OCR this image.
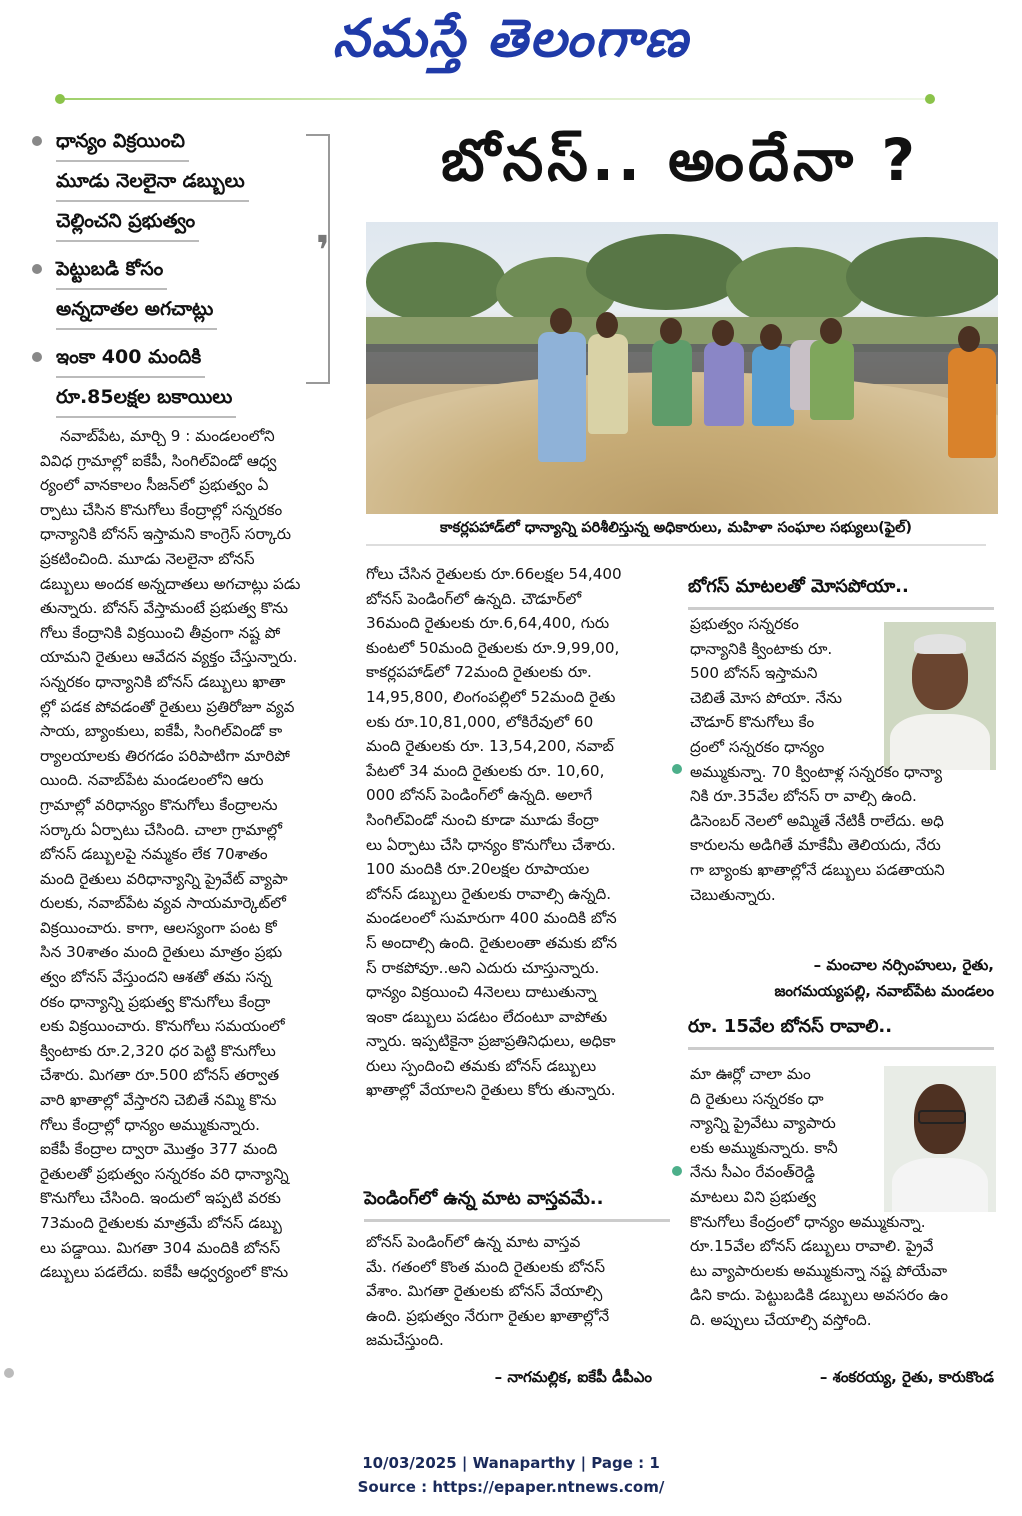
నమస్తే తెలంగాణ
ధాన్యం విక్రయించి
మూడు నెలలైనా డబ్బులు
చెల్లించని ప్రభుత్వం
పెట్టుబడి కోసం
అన్నదాతల అగచాట్లు
ఇంకా 400 మందికి
రూ.85లక్షల బకాయిలు
❜
బోనస్.. అందేనా ?
కాకర్లపహాడ్‌లో ధాన్యాన్ని పరిశీలిస్తున్న అధికారులు, మహిళా సంఘాల సభ్యులు(ఫైల్)
నవాబ్‌పేట, మార్చి 9 : మండలంలోని
వివిధ గ్రామాల్లో ఐకేపీ, సింగిల్‌విండో ఆధ్వ
ర్యంలో వానకాలం సీజన్‌లో ప్రభుత్వం ఏ
ర్పాటు చేసిన కొనుగోలు కేంద్రాల్లో సన్నరకం
ధాన్యానికి బోనస్ ఇస్తామని కాంగ్రెస్ సర్కారు
ప్రకటించింది. మూడు నెలలైనా బోనస్
డబ్బులు అందక అన్నదాతలు అగచాట్లు పడు
తున్నారు. బోనస్ వేస్తామంటే ప్రభుత్వ కొను
గోలు కేంద్రానికి విక్రయించి తీవ్రంగా నష్ట పో
యామని రైతులు ఆవేదన వ్యక్తం చేస్తున్నారు.
సన్నరకం ధాన్యానికి బోనస్ డబ్బులు ఖాతా
ల్లో పడక పోవడంతో రైతులు ప్రతిరోజూ వ్యవ
సాయ, బ్యాంకులు, ఐకేపీ, సింగిల్‌విండో కా
ర్యాలయాలకు తిరగడం పరిపాటిగా మారిపో
యింది. నవాబ్‌పేట మండలంలోని ఆరు
గ్రామాల్లో వరిధాన్యం కొనుగోలు కేంద్రాలను
సర్కారు ఏర్పాటు చేసింది. చాలా గ్రామాల్లో
బోనస్ డబ్బులపై నమ్మకం లేక 70శాతం
మంది రైతులు వరిధాన్యాన్ని ప్రైవేట్ వ్యాపా
రులకు, నవాబ్‌పేట వ్యవ సాయమార్కెట్‌లో
విక్రయించారు. కాగా, ఆలస్యంగా పంట కో
సిన 30శాతం మంది రైతులు మాత్రం ప్రభు
త్వం బోనస్ వేస్తుందని ఆశతో తమ సన్న
రకం ధాన్యాన్ని ప్రభుత్వ కొనుగోలు కేంద్రా
లకు విక్రయించారు. కొనుగోలు సమయంలో
క్వింటాకు రూ.2,320 ధర పెట్టి కొనుగోలు
చేశారు. మిగతా రూ.500 బోనస్ తర్వాత
వారి ఖాతాల్లో వేస్తారని చెబితే నమ్మి కొను
గోలు కేంద్రాల్లో ధాన్యం అమ్ముకున్నారు.
ఐకేపీ కేంద్రాల ద్వారా మొత్తం 377 మంది
రైతులతో ప్రభుత్వం సన్నరకం వరి ధాన్యాన్ని
కొనుగోలు చేసింది. ఇందులో ఇప్పటి వరకు
73మంది రైతులకు మాత్రమే బోనస్ డబ్బు
లు పడ్డాయి. మిగతా 304 మందికి బోనస్
డబ్బులు పడలేదు. ఐకేపీ ఆధ్వర్యంలో కొను
గోలు చేసిన రైతులకు రూ.66లక్షల 54,400
బోనస్ పెండింగ్‌లో ఉన్నది. చౌడూర్‌లో
36మంది రైతులకు రూ.6,64,400, గురు
కుంటలో 50మంది రైతులకు రూ.9,99,00,
కాకర్లపహాడ్‌లో 72మంది రైతులకు రూ.
14,95,800, లింగంపల్లిలో 52మంది రైతు
లకు రూ.10,81,000, లోకిరేవులో 60
మంది రైతులకు రూ. 13,54,200, నవాబ్
పేటలో 34 మంది రైతులకు రూ. 10,60,
000 బోనస్ పెండింగ్‌లో ఉన్నది. అలాగే
సింగిల్‌విండో నుంచి కూడా మూడు కేంద్రా
లు ఏర్పాటు చేసి ధాన్యం కొనుగోలు చేశారు.
100 మందికి రూ.20లక్షల రూపాయల
బోనస్ డబ్బులు రైతులకు రావాల్సి ఉన్నది.
మండలంలో సుమారుగా 400 మందికి బోన
స్ అందాల్సి ఉంది. రైతులంతా తమకు బోన
స్ రాకపోవూ..అని ఎదురు చూస్తున్నారు.
ధాన్యం విక్రయించి 4నెలలు దాటుతున్నా
ఇంకా డబ్బులు పడటం లేదంటూ వాపోతు
న్నారు. ఇప్పటికైనా ప్రజాప్రతినిధులు, అధికా
రులు స్పందించి తమకు బోనస్ డబ్బులు
ఖాతాల్లో వేయాలని రైతులు కోరు తున్నారు.
బోగస్ మాటలతో మోసపోయా..
ప్రభుత్వం సన్నరకం
ధాన్యానికి క్వింటాకు రూ.
500 బోనస్ ఇస్తామని
చెబితే మోస పోయా. నేను
చౌడూర్ కొనుగోలు కేం
ద్రంలో సన్నరకం ధాన్యం
అమ్ముకున్నా. 70 క్వింటాళ్ల సన్నరకం ధాన్యా
నికి రూ.35వేల బోనస్ రా వాల్సి ఉంది.
డిసెంబర్ నెలలో అమ్మితే నేటికీ రాలేదు. అధి
కారులను అడిగితే మాకేమీ తెలియదు, నేరు
గా బ్యాంకు ఖాతాల్లోనే డబ్బులు పడతాయని
చెబుతున్నారు.
– మంచాల నర్సింహులు, రైతు,
జంగమయ్యపల్లి, నవాబ్‌పేట మండలం
రూ. 15వేల బోనస్ రావాలి..
మా ఊర్లో చాలా మం
ది రైతులు సన్నరకం ధా
న్యాన్ని ప్రైవేటు వ్యాపారు
లకు అమ్ముకున్నారు. కానీ
నేను సీఎం రేవంత్‌రెడ్డి
మాటలు విని ప్రభుత్వ
కొనుగోలు కేంద్రంలో ధాన్యం అమ్ముకున్నా.
రూ.15వేల బోనస్ డబ్బులు రావాలి. ప్రైవే
టు వ్యాపారులకు అమ్ముకున్నా నష్ట పోయేవా
డిని కాదు. పెట్టుబడికి డబ్బులు అవసరం ఉం
ది. అప్పులు చేయాల్సి వస్తోంది.
– శంకరయ్య, రైతు, కారుకొండ
పెండింగ్‌లో ఉన్న మాట వాస్తవమే..
బోనస్ పెండింగ్‌లో ఉన్న మాట వాస్తవ
మే. గతంలో కొంత మంది రైతులకు బోనస్
వేశాం. మిగతా రైతులకు బోనస్ వేయాల్సి
ఉంది. ప్రభుత్వం నేరుగా రైతుల ఖాతాల్లోనే
జమచేస్తుంది.
– నాగమల్లిక, ఐకేపీ డీపీఎం
10/03/2025 | Wanaparthy | Page : 1
Source : https://epaper.ntnews.com/
